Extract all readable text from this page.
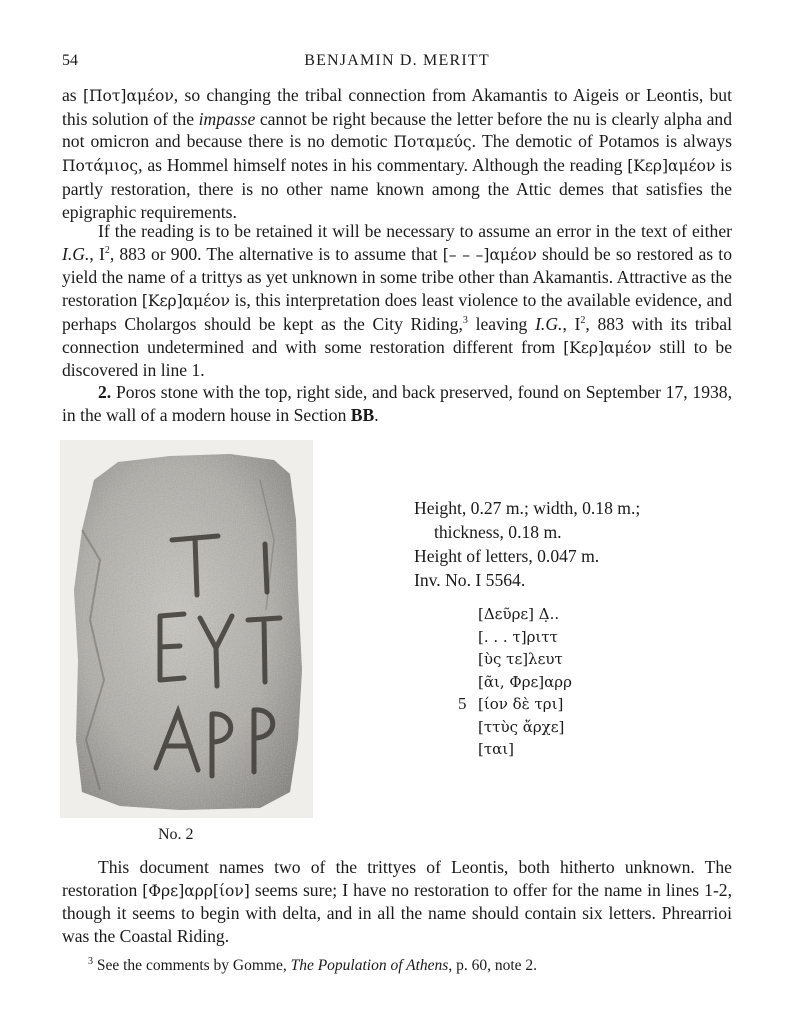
54	BENJAMIN D. MERITT

as [Ποτ]αμέον, so changing the tribal connection from Akamantis to Aigeis or Leontis, but this solution of the impasse cannot be right because the letter before the nu is clearly alpha and not omicron and because there is no demotic Ποταμεύς. The demotic of Potamos is always Ποτάμιος, as Hommel himself notes in his commentary. Although the reading [Κερ]αμέον is partly restoration, there is no other name known among the Attic demes that satisfies the epigraphic requirements.

If the reading is to be retained it will be necessary to assume an error in the text of either I.G., $I^2$, 883 or 900. The alternative is to assume that [– – –]αμέον should be so restored as to yield the name of a trittys as yet unknown in some tribe other than Akamantis. Attractive as the restoration [Κερ]αμέον is, this interpretation does least violence to the available evidence, and perhaps Cholargos should be kept as the City Riding,$^3$ leaving I.G., $I^2$, 883 with its tribal connection undetermined and with some restoration different from [Κερ]αμέον still to be discovered in line 1.

2. Poros stone with the top, right side, and back preserved, found on September 17, 1938, in the wall of a modern house in Section BB.

No. 2
Height, 0.27 m.; width, 0.18 m.;
thickness, 0.18 m.
Height of letters, 0.047 m.
Inv. No. I 5564.
[Δεῦρε] Δ̣..
[. . . τ]ριττ
[ὺς τε]λευτ
[ᾶι, Φρε]αρρ
5 [ίον δὲ τρι]
[ττὺς ἄρχε]
[ται]

This document names two of the trittyes of Leontis, both hitherto unknown. The restoration [Φρε]αρρ[ίον] seems sure; I have no restoration to offer for the name in lines 1-2, though it seems to begin with delta, and in all the name should contain six letters. Phrearrioi was the Coastal Riding.

$^3$ See the comments by Gomme, The Population of Athens, p. 60, note 2.
